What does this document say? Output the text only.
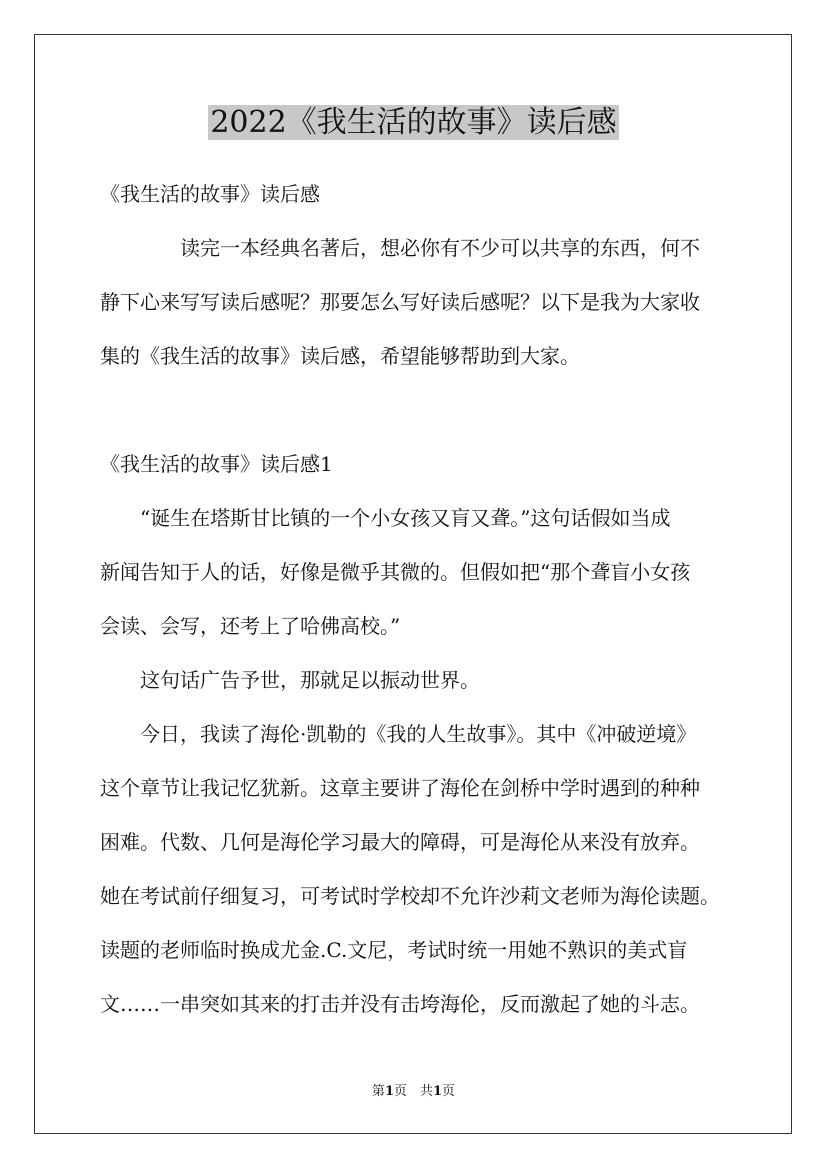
2022《我生活的故事》读后感

《我生活的故事》读后感

读完一本经典名著后，想必你有不少可以共享的东西，何不

静下心来写写读后感呢？那要怎么写好读后感呢？以下是我为大家收

集的《我生活的故事》读后感，希望能够帮助到大家。

《我生活的故事》读后感1

“诞生在塔斯甘比镇的一个小女孩又肓又聋。”这句话假如当成

新闻告知于人的话，好像是微乎其微的。但假如把“那个聋盲小女孩

会读、会写，还考上了哈佛高校。”

这句话广告予世，那就足以振动世界。

今日，我读了海伦·凯勒的《我的人生故事》。其中《冲破逆境》

这个章节让我记忆犹新。这章主要讲了海伦在剑桥中学时遇到的种种

困难。代数、几何是海伦学习最大的障碍，可是海伦从来没有放弃。

她在考试前仔细复习，可考试时学校却不允许沙莉文老师为海伦读题。

读题的老师临时换成尤金.C.文尼，考试时统一用她不熟识的美式盲

文……一串突如其来的打击并没有击垮海伦，反而激起了她的斗志。

第1页　共1页
